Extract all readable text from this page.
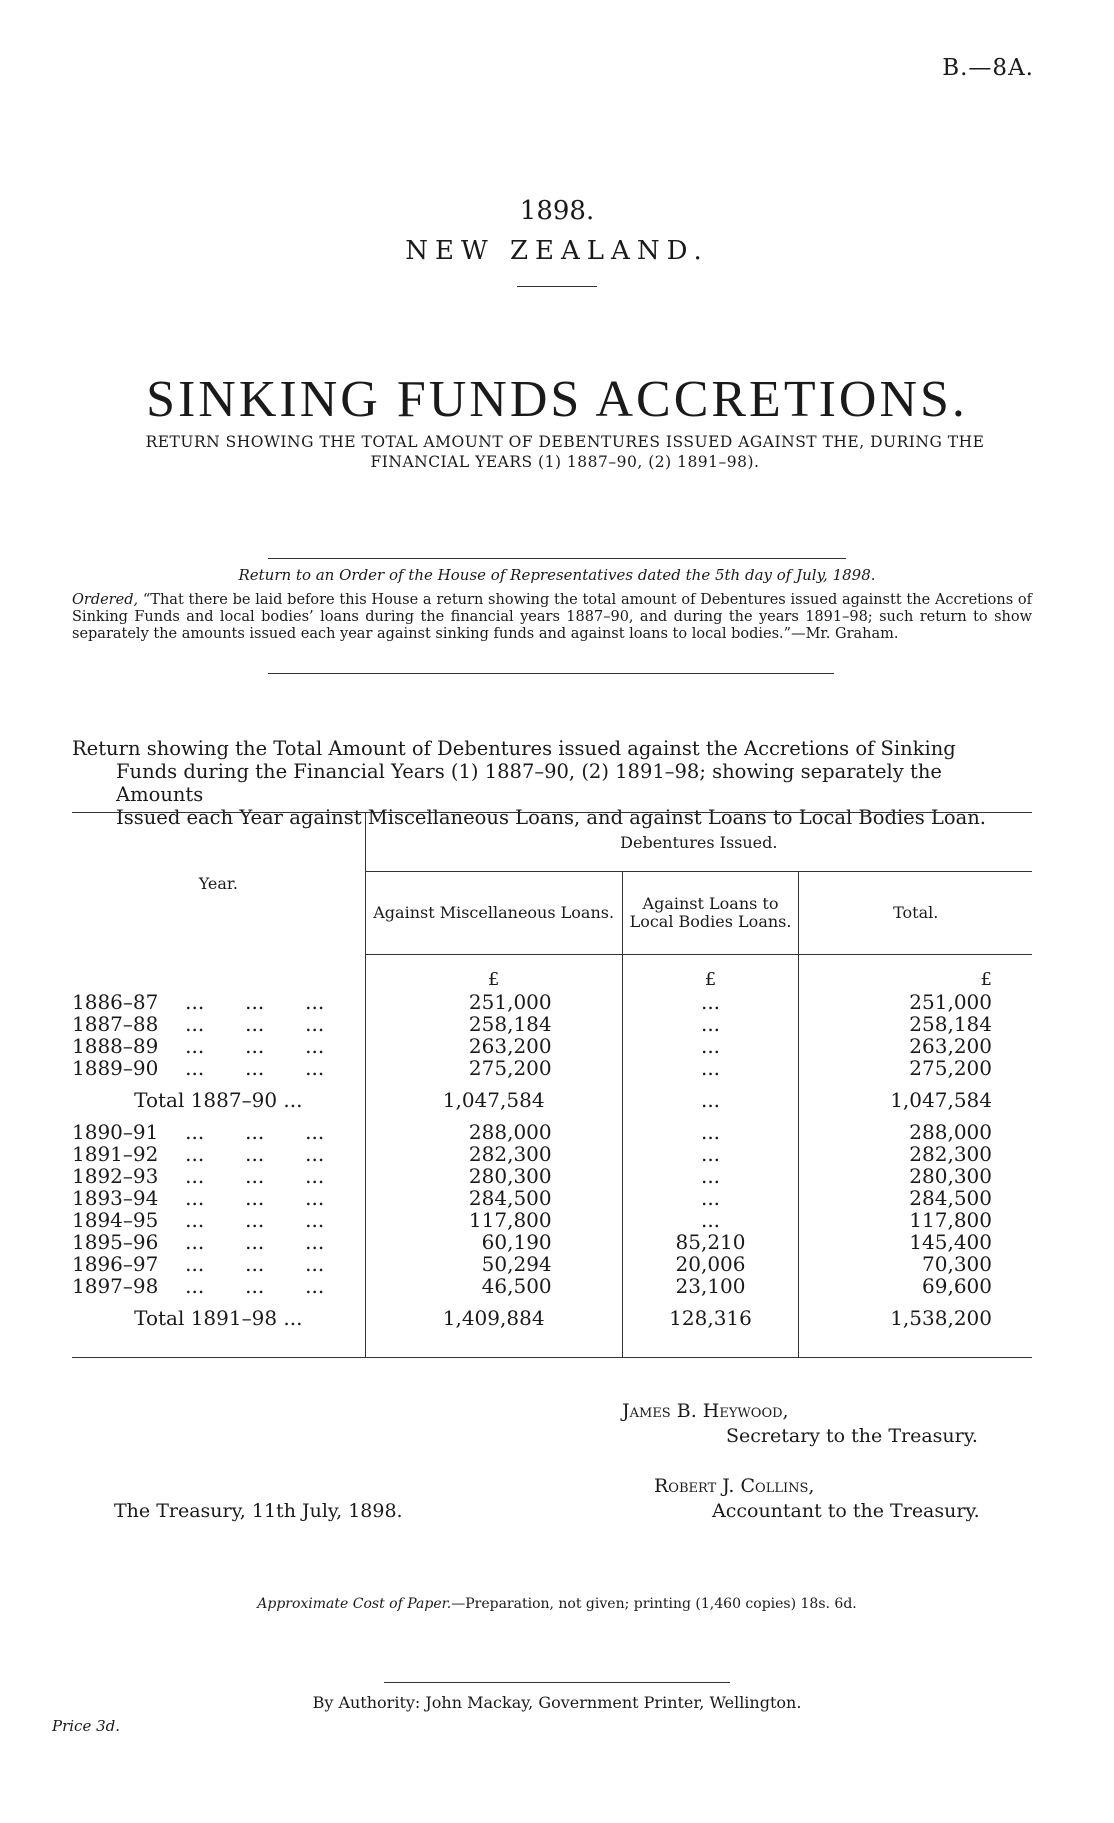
B.—8A.
1898.
NEW ZEALAND.
SINKING FUNDS ACCRETIONS.
RETURN SHOWING THE TOTAL AMOUNT OF DEBENTURES ISSUED AGAINST THE, DURING THE FINANCIAL YEARS (1) 1887–90, (2) 1891–98).
Return to an Order of the House of Representatives dated the 5th day of July, 1898.
Ordered, “That there be laid before this House a return showing the total amount of Debentures issued againstt the Accretions of Sinking Funds and local bodies’ loans during the financial years 1887–90, and during the years 1891–98; such return to show separately the amounts issued each year against sinking funds and against loans to local bodies.”—Mr. Graham.
Return showing the Total Amount of Debentures issued against the Accretions of Sinking
Funds during the Financial Years (1) 1887–90, (2) 1891–98; showing separately the Amounts
Issued each Year against Miscellaneous Loans, and against Loans to Local Bodies Loan.
Year.	Debentures Issued.		
	Against Miscellaneous Loans.	Against Loans to Local Bodies Loans.	Total.
	£	£	£
1886–87 ... ... ...	251,000	...	251,000
1887–88 ... ... ...	258,184	...	258,184
1888–89 ... ... ...	263,200	...	263,200
1889–90 ... ... ...	275,200	...	275,200
Total 1887–90 ...	1,047,584	...	1,047,584
1890–91 ... ... ...	288,000	...	288,000
1891–92 ... ... ...	282,300	...	282,300
1892–93 ... ... ...	280,300	...	280,300
1893–94 ... ... ...	284,500	...	284,500
1894–95 ... ... ...	117,800	...	117,800
1895–96 ... ... ...	60,190	85,210	145,400
1896–97 ... ... ...	50,294	20,006	70,300
1897–98 ... ... ...	46,500	23,100	69,600
Total 1891–98 ...	1,409,884	128,316	1,538,200

James B. Heywood,
Secretary to the Treasury.
Robert J. Collins,
Accountant to the Treasury.
The Treasury, 11th July, 1898.
Approximate Cost of Paper.—Preparation, not given; printing (1,460 copies) 18s. 6d.
By Authority: John Mackay, Government Printer, Wellington.
Price 3d.
